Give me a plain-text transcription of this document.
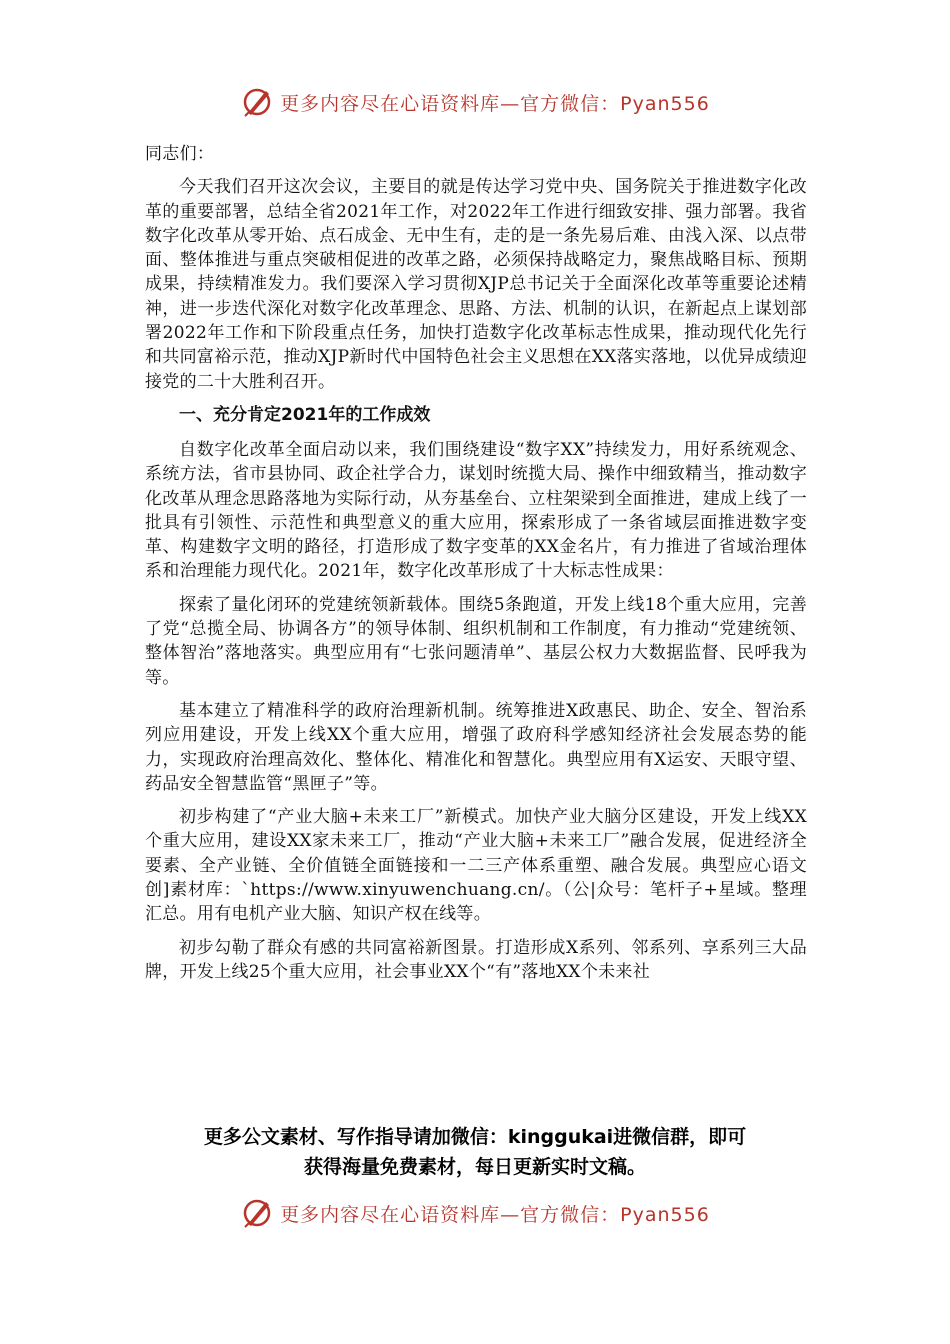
更多内容尽在心语资料库—官方微信：Pyan556

同志们：

今天我们召开这次会议，主要目的就是传达学习党中央、国务院关于推进数字化改革的重要部署，总结全省2021年工作，对2022年工作进行细致安排、强力部署。我省数字化改革从零开始、点石成金、无中生有，走的是一条先易后难、由浅入深、以点带面、整体推进与重点突破相促进的改革之路，必须保持战略定力，聚焦战略目标、预期成果，持续精准发力。我们要深入学习贯彻XJP总书记关于全面深化改革等重要论述精神，进一步迭代深化对数字化改革理念、思路、方法、机制的认识，在新起点上谋划部署2022年工作和下阶段重点任务，加快打造数字化改革标志性成果，推动现代化先行和共同富裕示范，推动XJP新时代中国特色社会主义思想在XX落实落地，以优异成绩迎接党的二十大胜利召开。

一、充分肯定2021年的工作成效

自数字化改革全面启动以来，我们围绕建设“数字XX”持续发力，用好系统观念、系统方法，省市县协同、政企社学合力，谋划时统揽大局、操作中细致精当，推动数字化改革从理念思路落地为实际行动，从夯基垒台、立柱架梁到全面推进，建成上线了一批具有引领性、示范性和典型意义的重大应用，探索形成了一条省域层面推进数字变革、构建数字文明的路径，打造形成了数字变革的XX金名片，有力推进了省域治理体系和治理能力现代化。2021年，数字化改革形成了十大标志性成果：

探索了量化闭环的党建统领新载体。围绕5条跑道，开发上线18个重大应用，完善了党“总揽全局、协调各方”的领导体制、组织机制和工作制度，有力推动“党建统领、整体智治”落地落实。典型应用有“七张问题清单”、基层公权力大数据监督、民呼我为等。

基本建立了精准科学的政府治理新机制。统筹推进X政惠民、助企、安全、智治系列应用建设，开发上线XX个重大应用，增强了政府科学感知经济社会发展态势的能力，实现政府治理高效化、整体化、精准化和智慧化。典型应用有X运安、天眼守望、药品安全智慧监管“黑匣子”等。

初步构建了“产业大脑+未来工厂”新模式。加快产业大脑分区建设，开发上线XX个重大应用，建设XX家未来工厂，推动“产业大脑+未来工厂”融合发展，促进经济全要素、全产业链、全价值链全面链接和一二三产体系重塑、融合发展。典型应心语文创]素材库：`https://www.xinyuwenchuang.cn/。（公|众号：笔杆子+星域。整理汇总。用有电机产业大脑、知识产权在线等。

初步勾勒了群众有感的共同富裕新图景。打造形成X系列、邻系列、享系列三大品牌，开发上线25个重大应用，社会事业XX个“有”落地XX个未来社

更多公文素材、写作指导请加微信：kinggukai进微信群，即可
获得海量免费素材，每日更新实时文稿。
更多内容尽在心语资料库—官方微信：Pyan556
